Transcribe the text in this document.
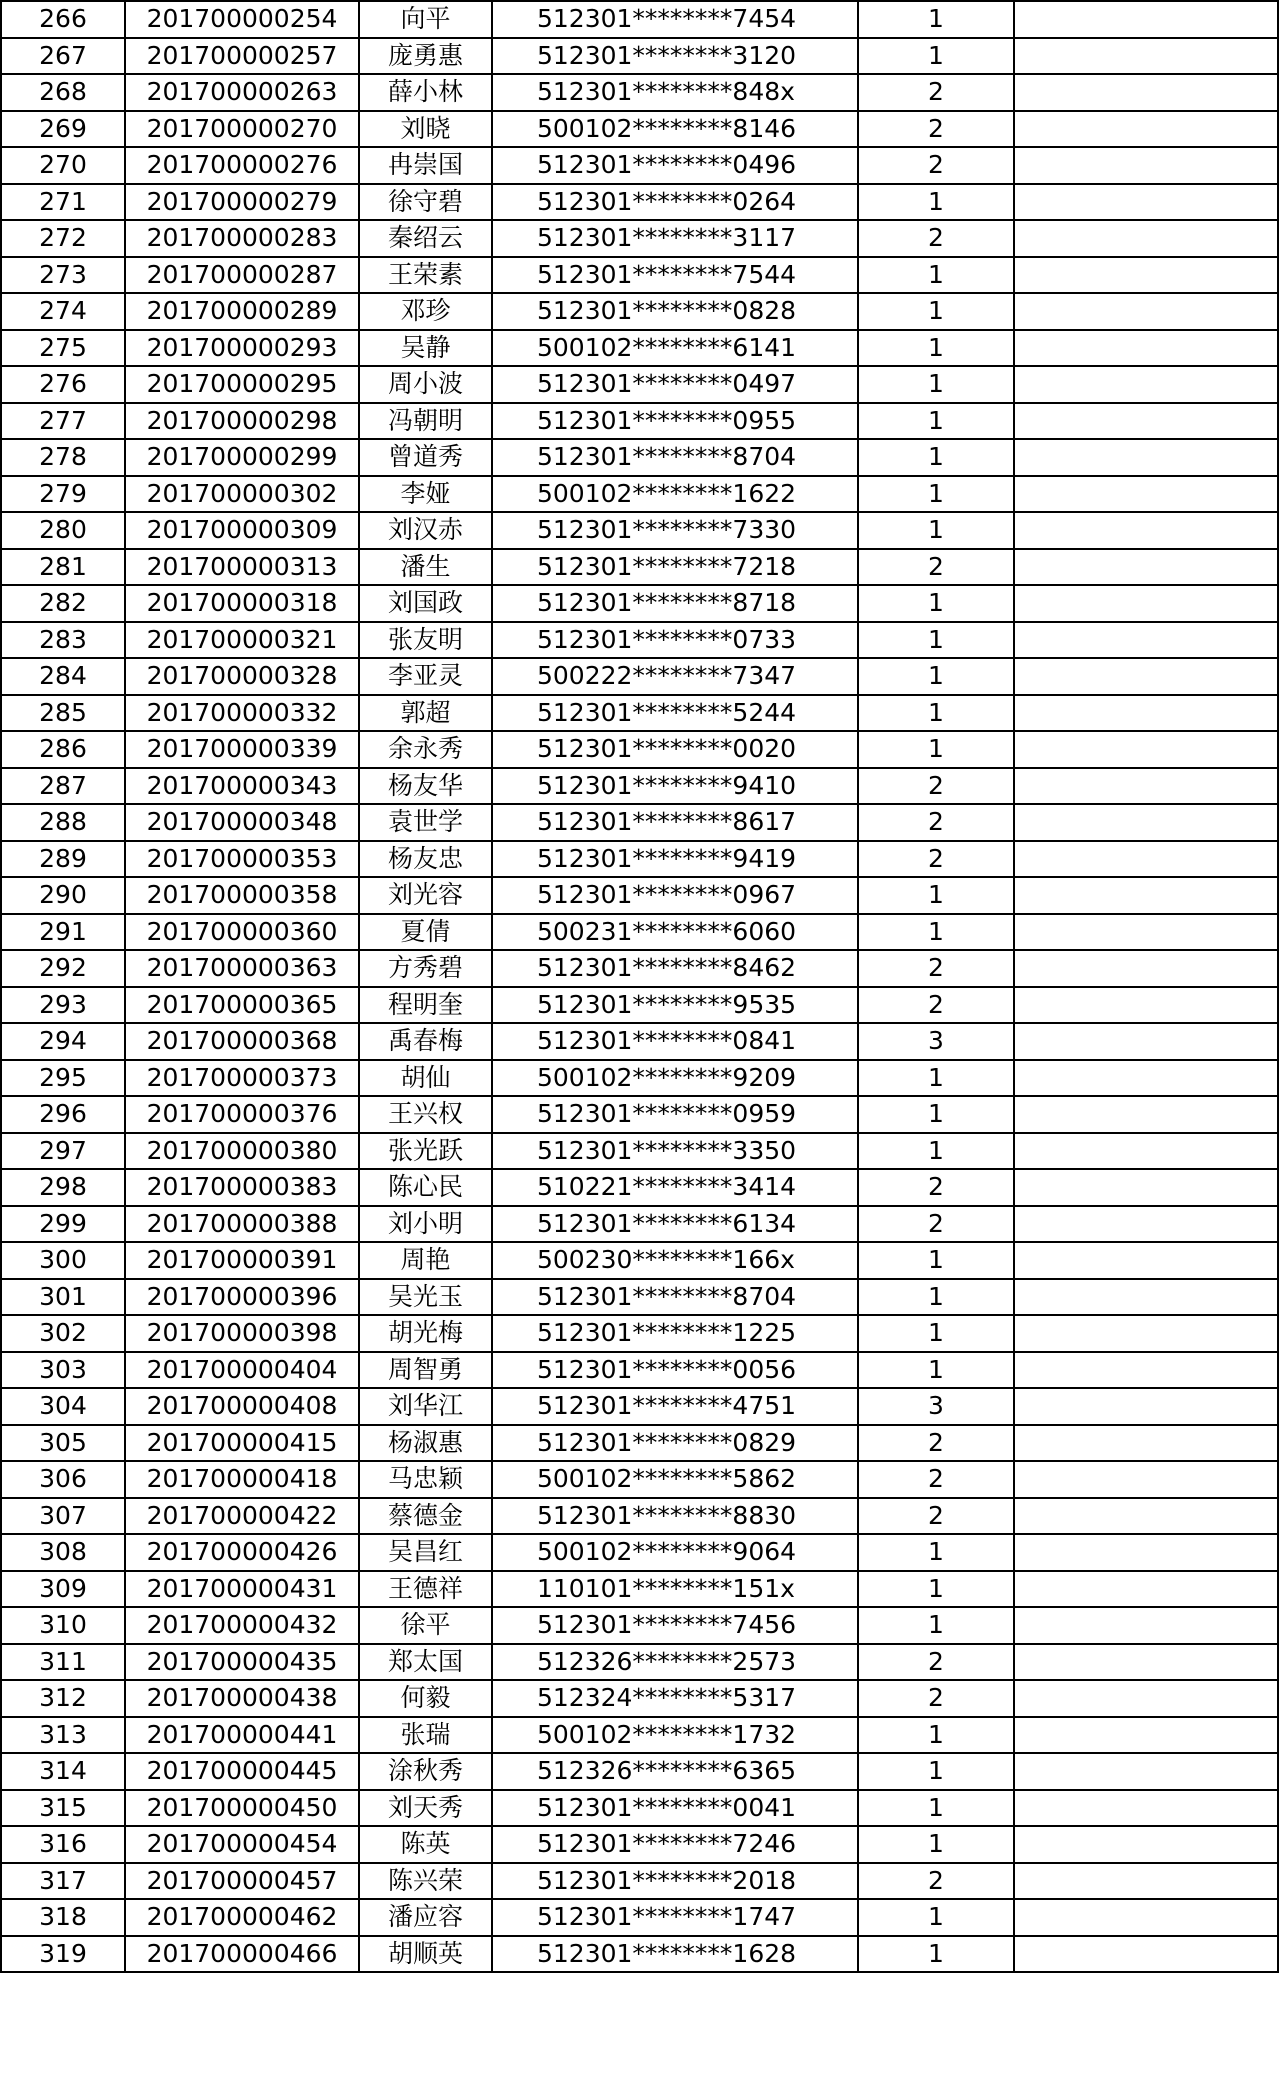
266	201700000254	向平	512301********7454	1	
267	201700000257	庞勇惠	512301********3120	1	
268	201700000263	薛小林	512301********848x	2	
269	201700000270	刘晓	500102********8146	2	
270	201700000276	冉崇国	512301********0496	2	
271	201700000279	徐守碧	512301********0264	1	
272	201700000283	秦绍云	512301********3117	2	
273	201700000287	王荣素	512301********7544	1	
274	201700000289	邓珍	512301********0828	1	
275	201700000293	吴静	500102********6141	1	
276	201700000295	周小波	512301********0497	1	
277	201700000298	冯朝明	512301********0955	1	
278	201700000299	曾道秀	512301********8704	1	
279	201700000302	李娅	500102********1622	1	
280	201700000309	刘汉赤	512301********7330	1	
281	201700000313	潘生	512301********7218	2	
282	201700000318	刘国政	512301********8718	1	
283	201700000321	张友明	512301********0733	1	
284	201700000328	李亚灵	500222********7347	1	
285	201700000332	郭超	512301********5244	1	
286	201700000339	余永秀	512301********0020	1	
287	201700000343	杨友华	512301********9410	2	
288	201700000348	袁世学	512301********8617	2	
289	201700000353	杨友忠	512301********9419	2	
290	201700000358	刘光容	512301********0967	1	
291	201700000360	夏倩	500231********6060	1	
292	201700000363	方秀碧	512301********8462	2	
293	201700000365	程明奎	512301********9535	2	
294	201700000368	禹春梅	512301********0841	3	
295	201700000373	胡仙	500102********9209	1	
296	201700000376	王兴权	512301********0959	1	
297	201700000380	张光跃	512301********3350	1	
298	201700000383	陈心民	510221********3414	2	
299	201700000388	刘小明	512301********6134	2	
300	201700000391	周艳	500230********166x	1	
301	201700000396	吴光玉	512301********8704	1	
302	201700000398	胡光梅	512301********1225	1	
303	201700000404	周智勇	512301********0056	1	
304	201700000408	刘华江	512301********4751	3	
305	201700000415	杨淑惠	512301********0829	2	
306	201700000418	马忠颖	500102********5862	2	
307	201700000422	蔡德金	512301********8830	2	
308	201700000426	吴昌红	500102********9064	1	
309	201700000431	王德祥	110101********151x	1	
310	201700000432	徐平	512301********7456	1	
311	201700000435	郑太国	512326********2573	2	
312	201700000438	何毅	512324********5317	2	
313	201700000441	张瑞	500102********1732	1	
314	201700000445	涂秋秀	512326********6365	1	
315	201700000450	刘天秀	512301********0041	1	
316	201700000454	陈英	512301********7246	1	
317	201700000457	陈兴荣	512301********2018	2	
318	201700000462	潘应容	512301********1747	1	
319	201700000466	胡顺英	512301********1628	1	
